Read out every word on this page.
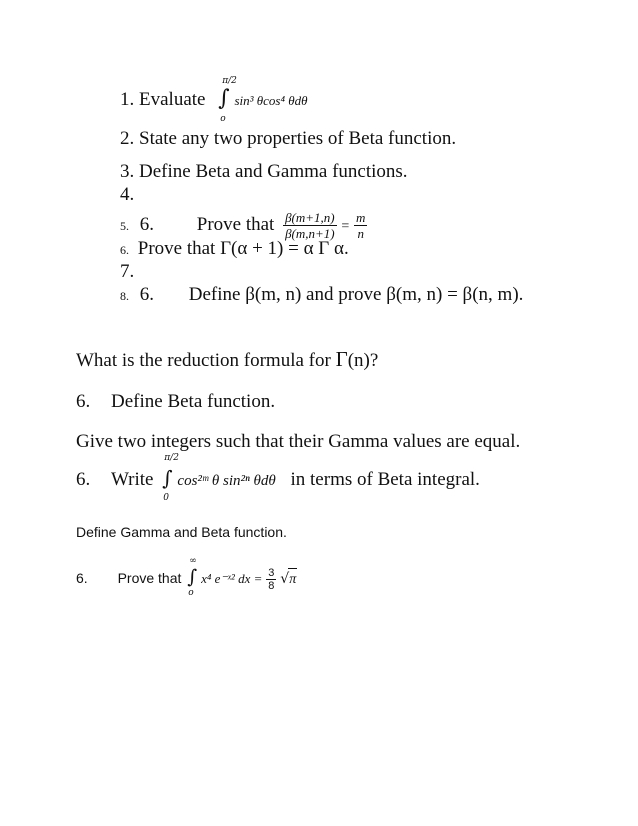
1. Evaluate ∫
π/2
o
sin³ θcos⁴ θdθ
2. State any two properties of Beta function.
3. Define Beta and Gamma functions.
4.
5. 6. Prove that $\frac{\beta(m+1,n)}{\beta(m,n+1)} = \frac{m}{n}$
6. Prove that Γ(α + 1) = α Γ α.
7.
8. 6. Define β(m, n) and prove β(m, n) = β(n, m).
What is the reduction formula for Γ(n)?
6. Define Beta function.
Give two integers such that their Gamma values are equal.
6. Write ∫
π/2
0
cos²ᵐ θ sin²ⁿ θdθ in terms of Beta integral.
Define Gamma and Beta function.
6. Prove that ∫
∞
o
x⁴ e⁻ˣ² dx = $\frac{3}{8} √\pi$
